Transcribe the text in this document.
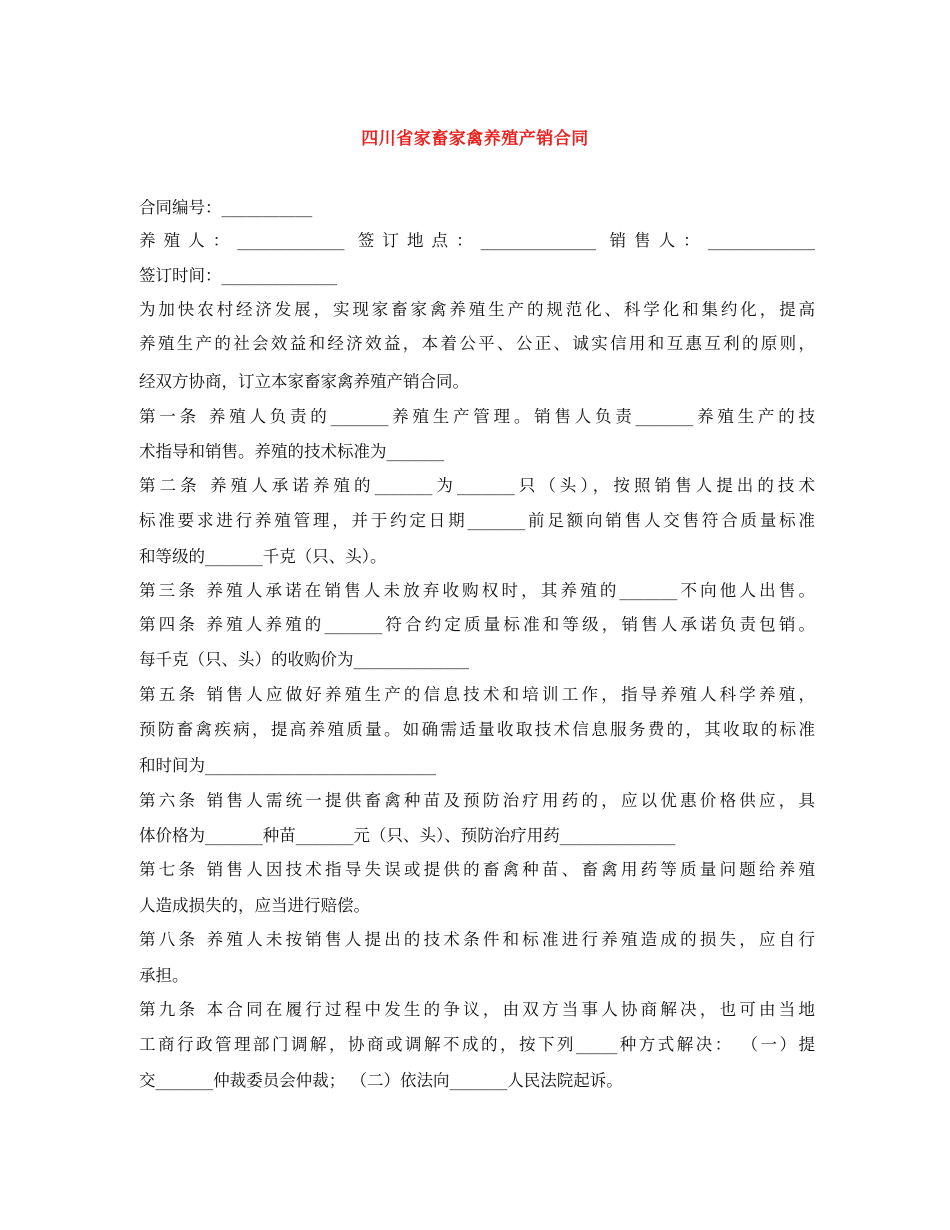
四川省家畜家禽养殖产销合同
合同编号：___________
养殖人：_____________ 签订地点：______________ 销售人：_____________
签订时间：______________
为加快农村经济发展，实现家畜家禽养殖生产的规范化、科学化和集约化，提高
养殖生产的社会效益和经济效益，本着公平、公正、诚实信用和互惠互利的原则，
经双方协商，订立本家畜家禽养殖产销合同。
第一条 养殖人负责的_______养殖生产管理。销售人负责_______养殖生产的技
术指导和销售。养殖的技术标准为_______
第二条 养殖人承诺养殖的_______为_______只（头），按照销售人提出的技术
标准要求进行养殖管理，并于约定日期_______前足额向销售人交售符合质量标准
和等级的_______千克（只、头）。
第三条 养殖人承诺在销售人未放弃收购权时，其养殖的_______不向他人出售。
第四条 养殖人养殖的_______符合约定质量标准和等级，销售人承诺负责包销。
每千克（只、头）的收购价为______________
第五条 销售人应做好养殖生产的信息技术和培训工作，指导养殖人科学养殖，
预防畜禽疾病，提高养殖质量。如确需适量收取技术信息服务费的，其收取的标准
和时间为____________________________
第六条 销售人需统一提供畜禽种苗及预防治疗用药的，应以优惠价格供应，具
体价格为_______种苗_______元（只、头）、预防治疗用药______________
第七条 销售人因技术指导失误或提供的畜禽种苗、畜禽用药等质量问题给养殖
人造成损失的，应当进行赔偿。
第八条 养殖人未按销售人提出的技术条件和标准进行养殖造成的损失，应自行
承担。
第九条 本合同在履行过程中发生的争议，由双方当事人协商解决，也可由当地
工商行政管理部门调解，协商或调解不成的，按下列_____种方式解决： （一）提
交_______仲裁委员会仲裁； （二）依法向_______人民法院起诉。
